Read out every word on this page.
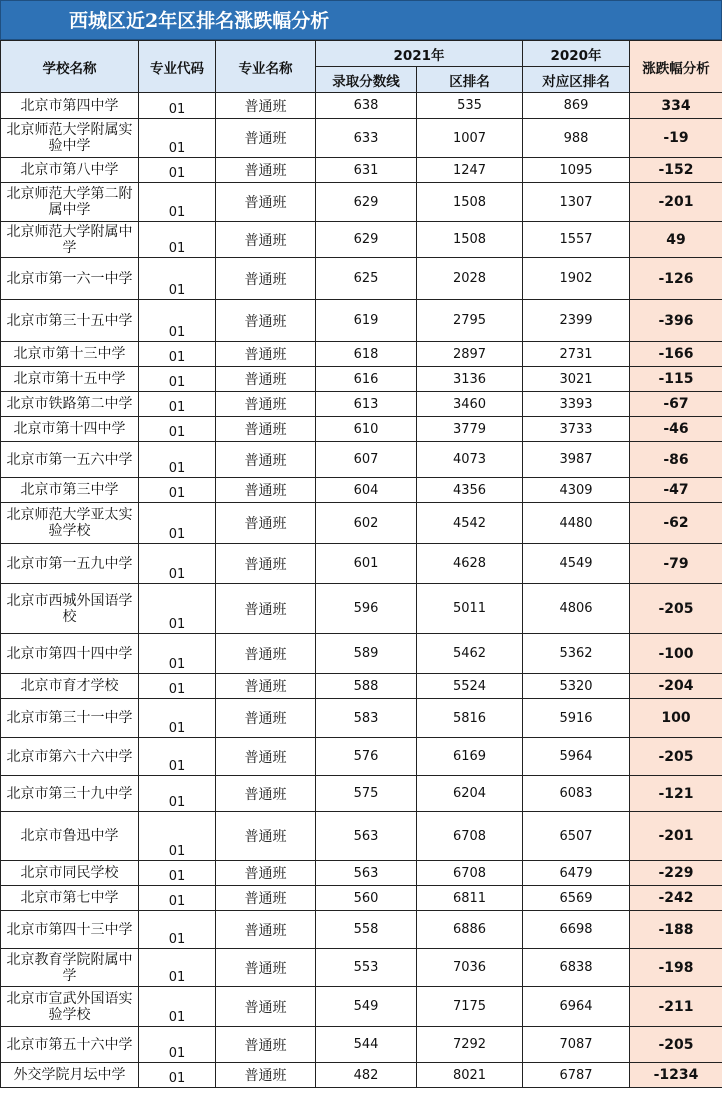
西城区近2年区排名涨跌幅分析
学校名称	专业代码	专业名称	2021年		2020年	涨跌幅分析
			录取分数线	区排名	对应区排名	
北京市第四中学	01	普通班	638	535	869	334
北京师范大学附属实验中学	01	普通班	633	1007	988	-19
北京市第八中学	01	普通班	631	1247	1095	-152
北京师范大学第二附属中学	01	普通班	629	1508	1307	-201
北京师范大学附属中学	01	普通班	629	1508	1557	49
北京市第一六一中学	01	普通班	625	2028	1902	-126
北京市第三十五中学	01	普通班	619	2795	2399	-396
北京市第十三中学	01	普通班	618	2897	2731	-166
北京市第十五中学	01	普通班	616	3136	3021	-115
北京市铁路第二中学	01	普通班	613	3460	3393	-67
北京市第十四中学	01	普通班	610	3779	3733	-46
北京市第一五六中学	01	普通班	607	4073	3987	-86
北京市第三中学	01	普通班	604	4356	4309	-47
北京师范大学亚太实验学校	01	普通班	602	4542	4480	-62
北京市第一五九中学	01	普通班	601	4628	4549	-79
北京市西城外国语学校	01	普通班	596	5011	4806	-205
北京市第四十四中学	01	普通班	589	5462	5362	-100
北京市育才学校	01	普通班	588	5524	5320	-204
北京市第三十一中学	01	普通班	583	5816	5916	100
北京市第六十六中学	01	普通班	576	6169	5964	-205
北京市第三十九中学	01	普通班	575	6204	6083	-121
北京市鲁迅中学	01	普通班	563	6708	6507	-201
北京市同民学校	01	普通班	563	6708	6479	-229
北京市第七中学	01	普通班	560	6811	6569	-242
北京市第四十三中学	01	普通班	558	6886	6698	-188
北京教育学院附属中学	01	普通班	553	7036	6838	-198
北京市宣武外国语实验学校	01	普通班	549	7175	6964	-211
北京市第五十六中学	01	普通班	544	7292	7087	-205
外交学院月坛中学	01	普通班	482	8021	6787	-1234
